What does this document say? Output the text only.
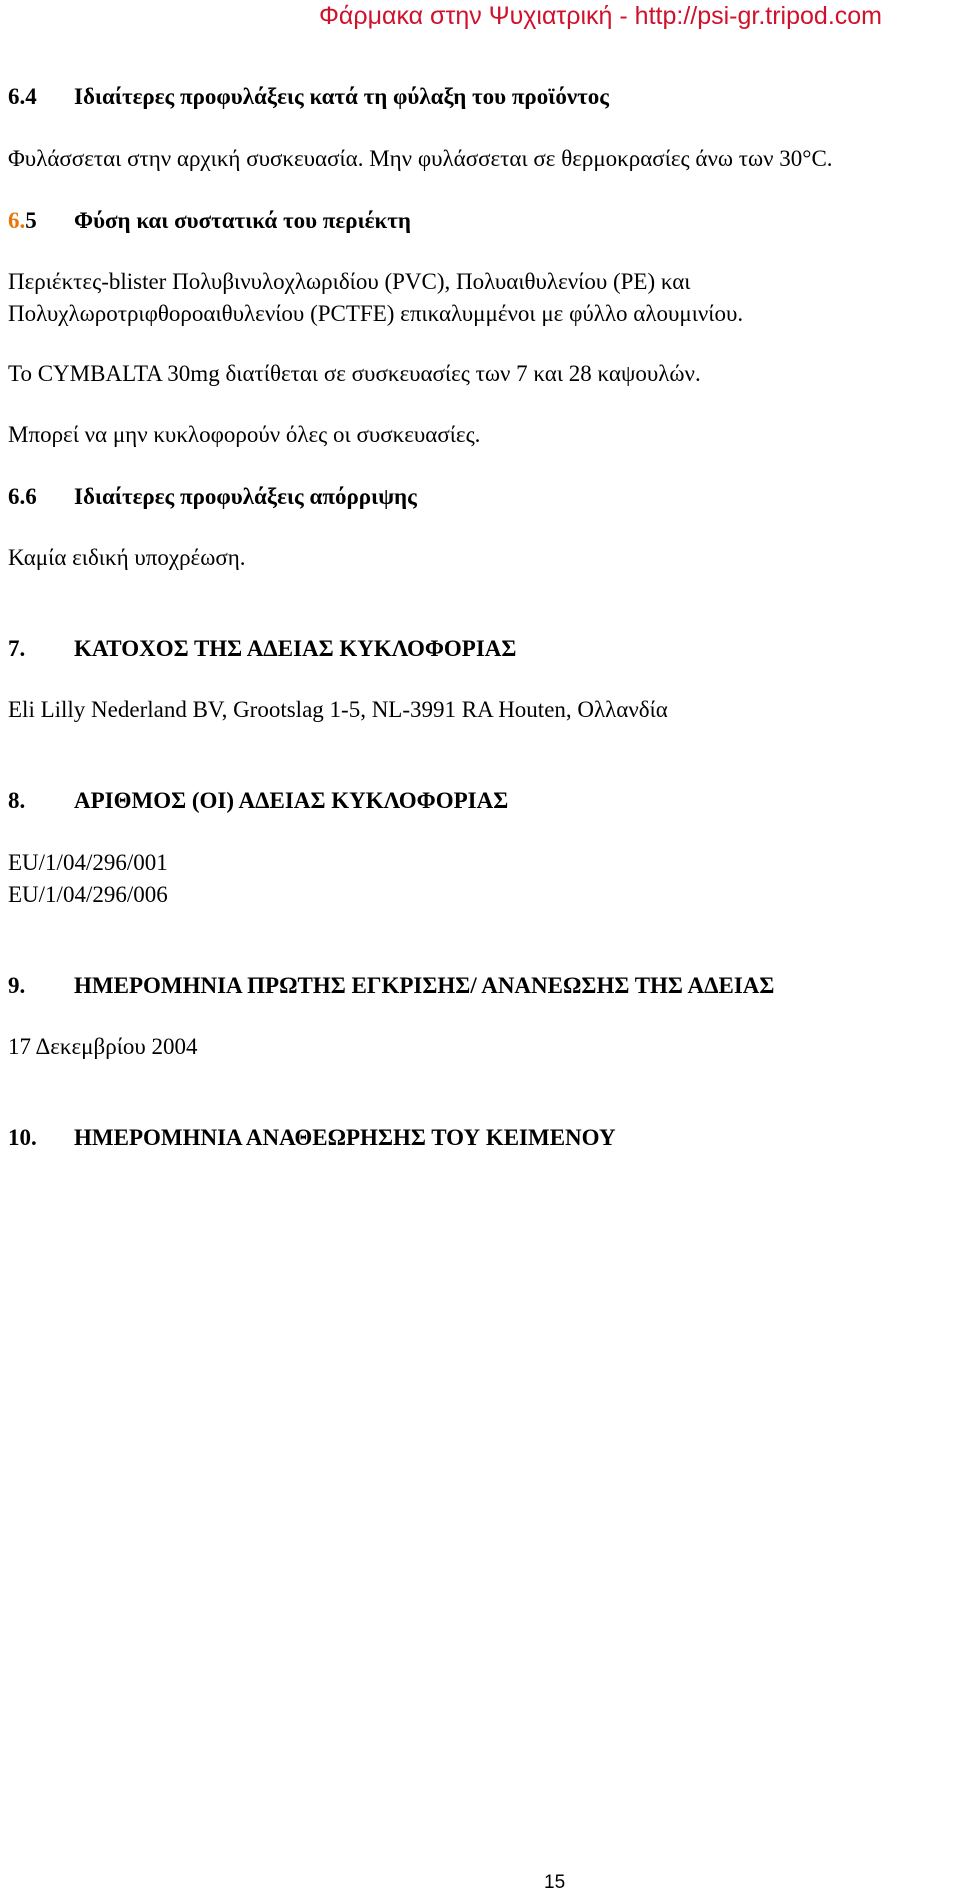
Φάρμακα στην Ψυχιατρική - http://psi-gr.tripod.com
6.4 Ιδιαίτερες προφυλάξεις κατά τη φύλαξη του προϊόντος
Φυλάσσεται στην αρχική συσκευασία. Μην φυλάσσεται σε θερμοκρασίες άνω των 30°C.
6.5 Φύση και συστατικά του περιέκτη
Περιέκτες-blister Πολυβινυλοχλωριδίου (PVC), Πολυαιθυλενίου (PE) και
Πολυχλωροτριφθοροαιθυλενίου (PCTFE) επικαλυμμένοι με φύλλο αλουμινίου.
Το CYMBALTA 30mg διατίθεται σε συσκευασίες των 7 και 28 καψουλών.
Μπορεί να μην κυκλοφορούν όλες οι συσκευασίες.
6.6 Ιδιαίτερες προφυλάξεις απόρριψης
Καμία ειδική υποχρέωση.
7. ΚΑΤΟΧΟΣ ΤΗΣ ΑΔΕΙΑΣ ΚΥΚΛΟΦΟΡΙΑΣ
Eli Lilly Nederland BV, Grootslag 1-5, NL-3991 RA Houten, Ολλανδία
8. ΑΡΙΘΜΟΣ (ΟΙ) ΑΔΕΙΑΣ ΚΥΚΛΟΦΟΡΙΑΣ
EU/1/04/296/001
EU/1/04/296/006
9. ΗΜΕΡΟΜΗΝΙΑ ΠΡΩΤΗΣ ΕΓΚΡΙΣΗΣ/ ΑΝΑΝΕΩΣΗΣ ΤΗΣ ΑΔΕΙΑΣ
17 Δεκεμβρίου 2004
10. ΗΜΕΡΟΜΗΝΙΑ ΑΝΑΘΕΩΡΗΣΗΣ ΤΟΥ ΚΕΙΜΕΝΟΥ
15
